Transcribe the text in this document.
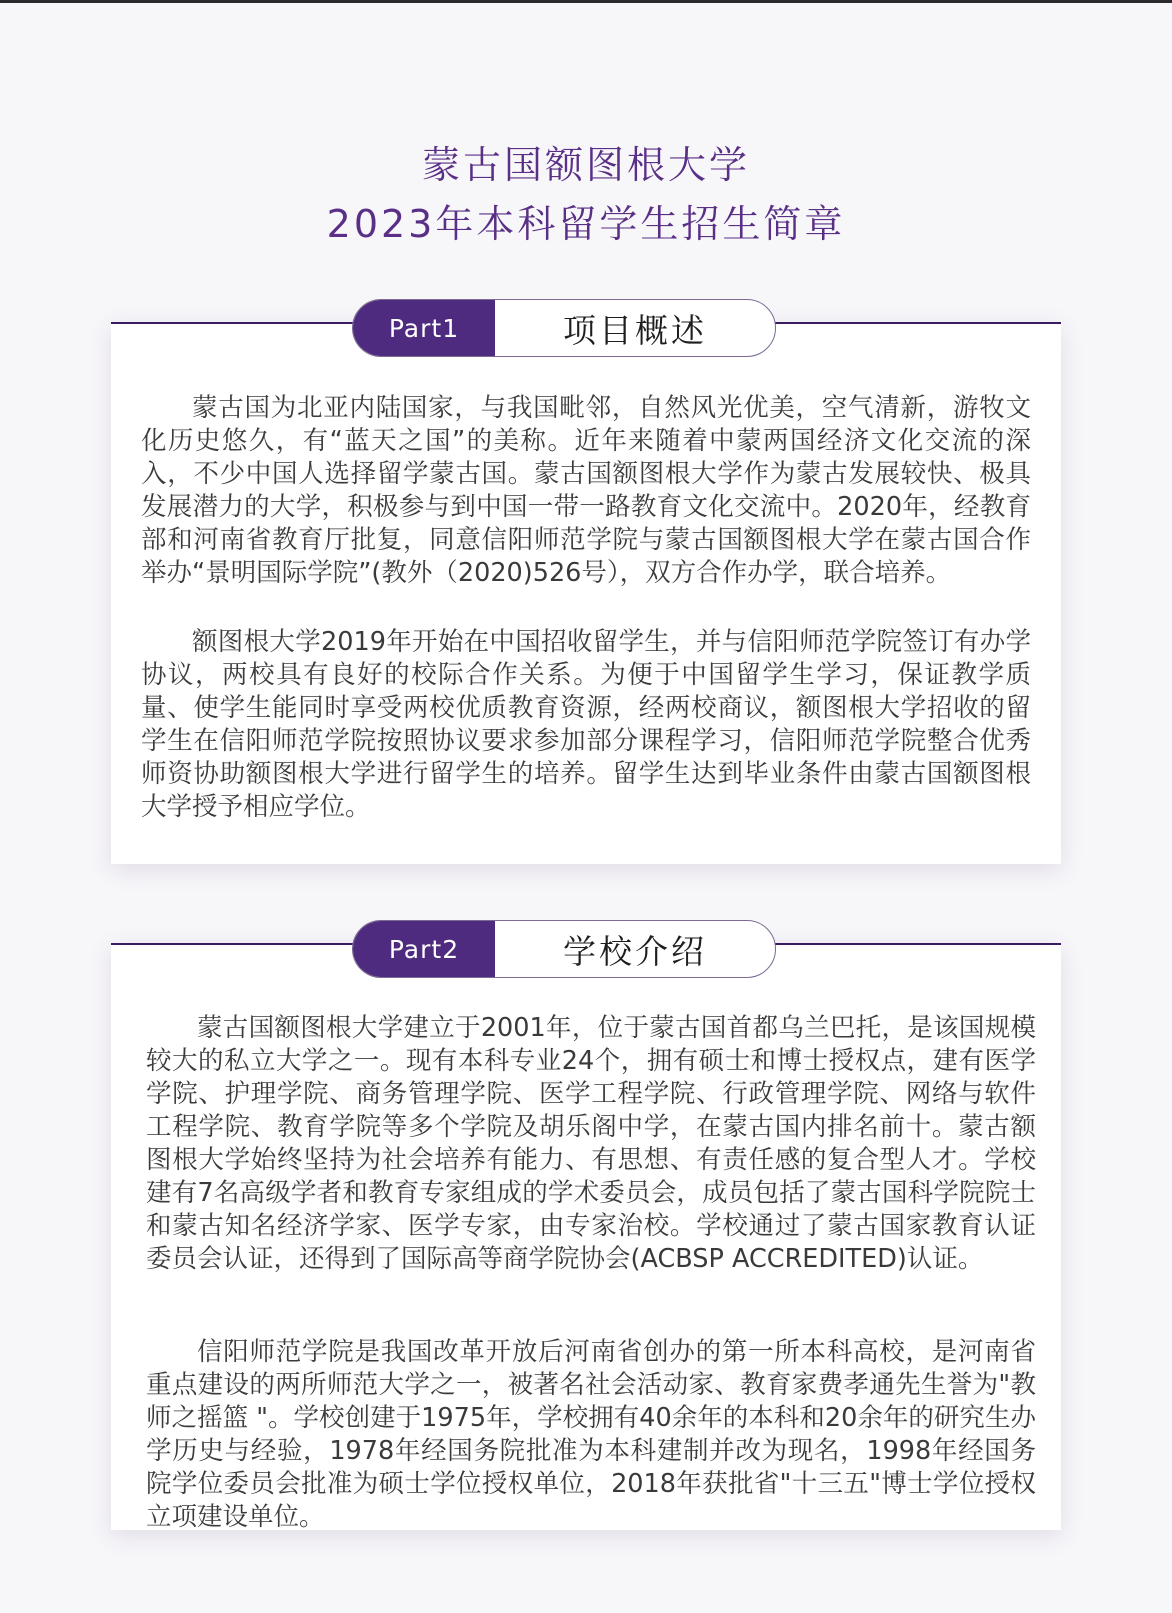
蒙古国额图根大学
2023年本科留学生招生简章

蒙古国为北亚内陆国家，与我国毗邻，自然风光优美，空气清新，游牧文化历史悠久，有“蓝天之国”的美称。近年来随着中蒙两国经济文化交流的深入，不少中国人选择留学蒙古国。蒙古国额图根大学作为蒙古发展较快、极具发展潜力的大学，积极参与到中国一带一路教育文化交流中。2020年，经教育部和河南省教育厅批复，同意信阳师范学院与蒙古国额图根大学在蒙古国合作举办“景明国际学院”(教外（2020)526号），双方合作办学，联合培养。

额图根大学2019年开始在中国招收留学生，并与信阳师范学院签订有办学协议，两校具有良好的校际合作关系。为便于中国留学生学习，保证教学质量、使学生能同时享受两校优质教育资源，经两校商议，额图根大学招收的留学生在信阳师范学院按照协议要求参加部分课程学习，信阳师范学院整合优秀师资协助额图根大学进行留学生的培养。留学生达到毕业条件由蒙古国额图根大学授予相应学位。

Part1	项目概述

蒙古国额图根大学建立于2001年，位于蒙古国首都乌兰巴托，是该国规模较大的私立大学之一。现有本科专业24个，拥有硕士和博士授权点，建有医学学院、护理学院、商务管理学院、医学工程学院、行政管理学院、网络与软件工程学院、教育学院等多个学院及胡乐阁中学，在蒙古国内排名前十。蒙古额图根大学始终坚持为社会培养有能力、有思想、有责任感的复合型人才。学校建有7名高级学者和教育专家组成的学术委员会，成员包括了蒙古国科学院院士和蒙古知名经济学家、医学专家，由专家治校。学校通过了蒙古国家教育认证委员会认证，还得到了国际高等商学院协会(ACBSP ACCREDITED)认证。

信阳师范学院是我国改革开放后河南省创办的第一所本科高校，是河南省重点建设的两所师范大学之一，被著名社会活动家、教育家费孝通先生誉为"教师之摇篮 "。学校创建于1975年，学校拥有40余年的本科和20余年的研究生办学历史与经验，1978年经国务院批准为本科建制并改为现名，1998年经国务院学位委员会批准为硕士学位授权单位，2018年获批省"十三五"博士学位授权立项建设单位。

Part2	学校介绍
